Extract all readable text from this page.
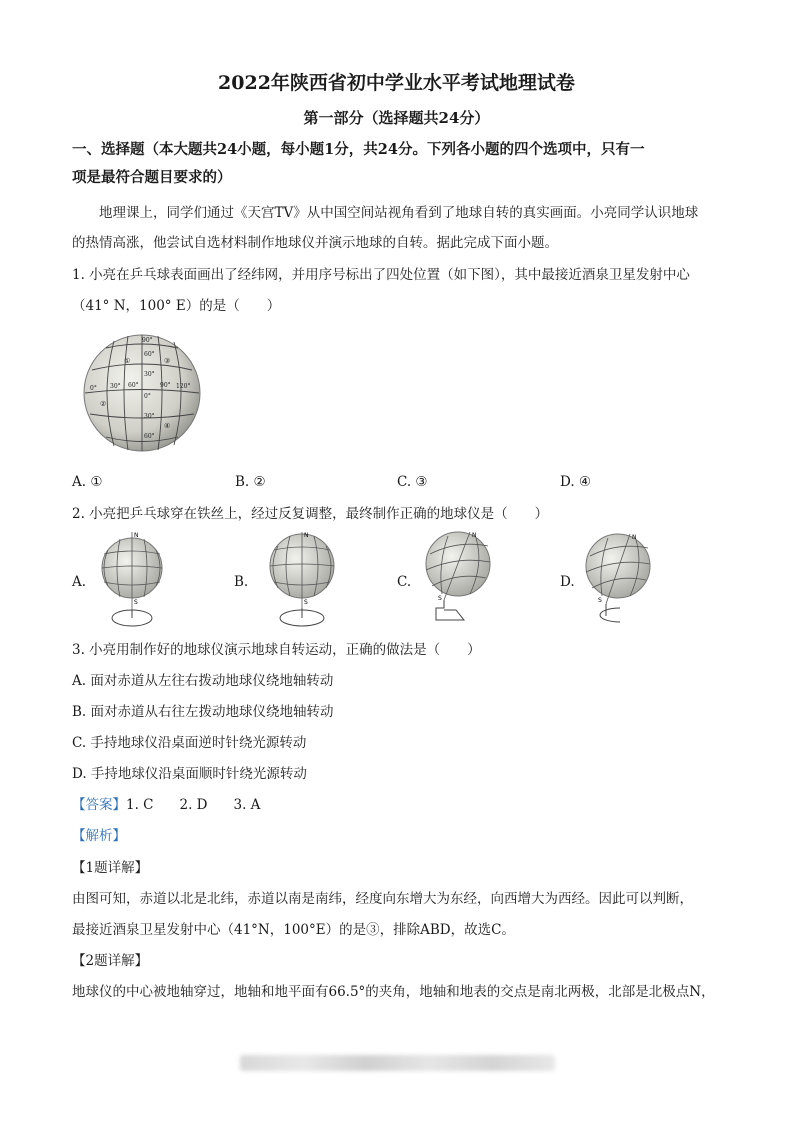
2022年陕西省初中学业水平考试地理试卷
第一部分（选择题共24分）
一、选择题（本大题共24小题，每小题1分，共24分。下列各小题的四个选项中，只有一
项是最符合题目要求的）
地理课上，同学们通过《天宫TV》从中国空间站视角看到了地球自转的真实画面。小亮同学认识地球
的热情高涨，他尝试自选材料制作地球仪并演示地球的自转。据此完成下面小题。
1. 小亮在乒乓球表面画出了经纬网，并用序号标出了四处位置（如下图），其中最接近酒泉卫星发射中心
（41° N，100° E）的是（　　）
①
②
③
④
90°
60°
30°
0°
30°
60°
0° 30° 60°	90° 120°
A. ①	B. ②	C. ③	D. ④
2. 小亮把乒乓球穿在铁丝上，经过反复调整，最终制作正确的地球仪是（　　）
A.	B.	C.	D.
N
S
N
S
N
S
N
S
3. 小亮用制作好的地球仪演示地球自转运动，正确的做法是（　　）
A. 面对赤道从左往右拨动地球仪绕地轴转动
B. 面对赤道从右往左拨动地球仪绕地轴转动
C. 手持地球仪沿桌面逆时针绕光源转动
D. 手持地球仪沿桌面顺时针绕光源转动
【答案】1. C 2. D 3. A
【解析】
【1题详解】
由图可知，赤道以北是北纬，赤道以南是南纬，经度向东增大为东经，向西增大为西经。因此可以判断，
最接近酒泉卫星发射中心（41°N，100°E）的是③，排除ABD，故选C。
【2题详解】
地球仪的中心被地轴穿过，地轴和地平面有66.5°的夹角，地轴和地表的交点是南北两极，北部是北极点N，
